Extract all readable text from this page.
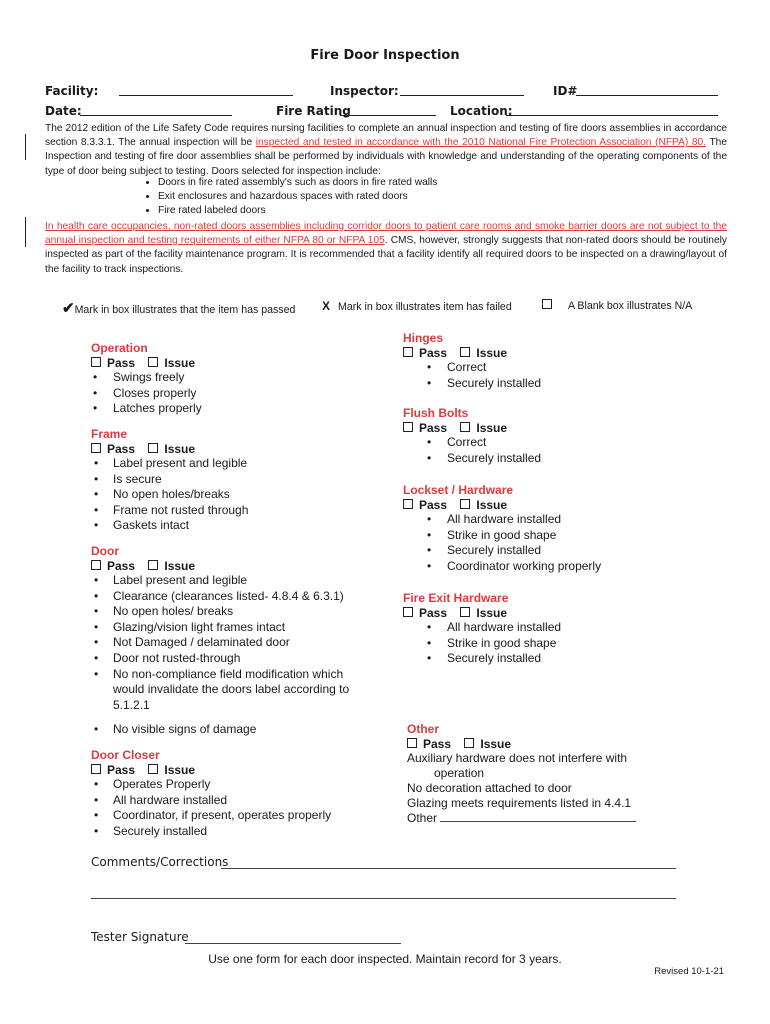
Fire Door Inspection
Facility:	Inspector:	ID#
Date:	Fire Rating	Location:
The 2012 edition of the Life Safety Code requires nursing facilities to complete an annual inspection and testing of fire doors assemblies in accordance section 8.3.3.1. The annual inspection will be inspected and tested in accordance with the 2010 National Fire Protection Association (NFPA) 80. The Inspection and testing of fire door assemblies shall be performed by individuals with knowledge and understanding of the operating components of the type of door being subject to testing. Doors selected for inspection include:
• Doors in fire rated assembly's such as doors in fire rated walls
• Exit enclosures and hazardous spaces with rated doors
• Fire rated labeled doors
In health care occupancies, non-rated doors assemblies including corridor doors to patient care rooms and smoke barrier doors are not subject to the annual inspection and testing requirements of either NFPA 80 or NFPA 105. CMS, however, strongly suggests that non-rated doors should be routinely inspected as part of the facility maintenance program. It is recommended that a facility identify all required doors to be inspected on a drawing/layout of the facility to track inspections.
✔Mark in box illustrates that the item has passed X Mark in box illustrates item has failed	A Blank box illustrates N/A
Operation
Pass Issue
• Swings freely
• Closes properly
• Latches properly
Frame
Pass Issue
• Label present and legible
• Is secure
• No open holes/breaks
• Frame not rusted through
• Gaskets intact
Door
Pass Issue
• Label present and legible
• Clearance (clearances listed- 4.8.4 & 6.3.1)
• No open holes/ breaks
• Glazing/vision light frames intact
• Not Damaged / delaminated door
• Door not rusted-through
• No non-compliance field modification which would invalidate the doors label according to 5.1.2.1
• No visible signs of damage
Door Closer
Pass Issue
• Operates Properly
• All hardware installed
• Coordinator, if present, operates properly
• Securely installed
Hinges
Pass Issue
• Correct
• Securely installed
Flush Bolts
Pass Issue
• Correct
• Securely installed
Lockset / Hardware
Pass Issue
• All hardware installed
• Strike in good shape
• Securely installed
• Coordinator working properly
Fire Exit Hardware
Pass Issue
• All hardware installed
• Strike in good shape
• Securely installed
Other
Pass Issue
Auxiliary hardware does not interfere with
operation
No decoration attached to door
Glazing meets requirements listed in 4.4.1
Other
Comments/Corrections
Tester Signature
Use one form for each door inspected. Maintain record for 3 years.
Revised 10-1-21
